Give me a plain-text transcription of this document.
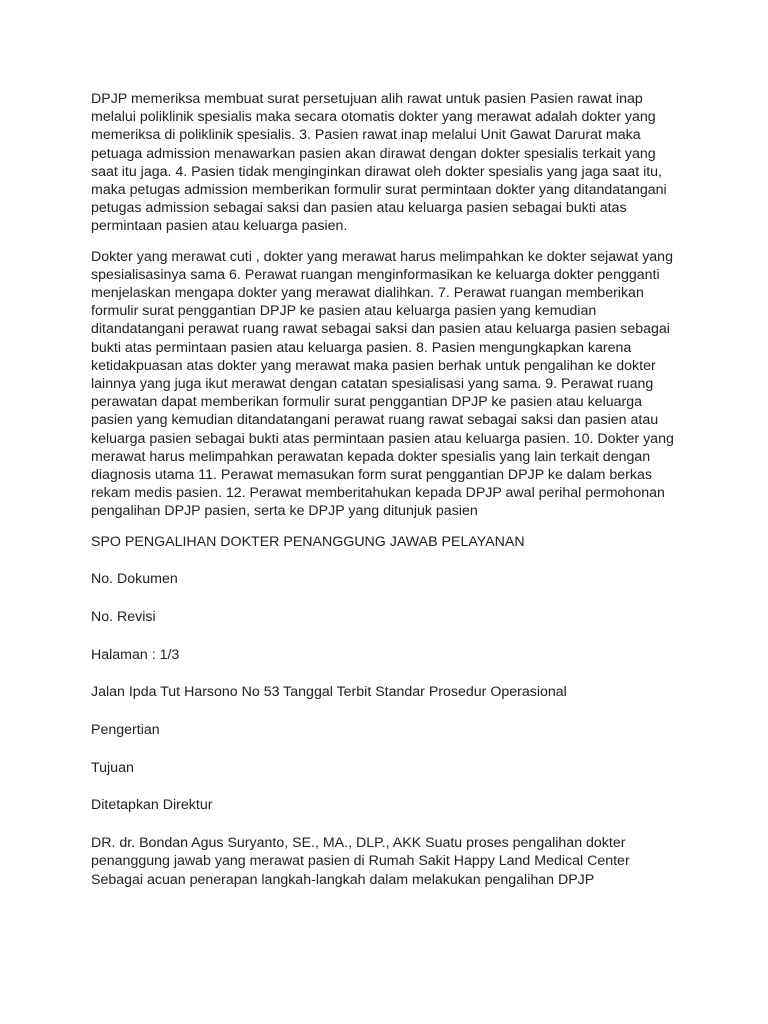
DPJP memeriksa membuat surat persetujuan alih rawat untuk pasien Pasien rawat inap melalui poliklinik spesialis maka secara otomatis dokter yang merawat adalah dokter yang memeriksa di poliklinik spesialis. 3. Pasien rawat inap melalui Unit Gawat Darurat maka petuaga admission menawarkan pasien akan dirawat dengan dokter spesialis terkait yang saat itu jaga. 4. Pasien tidak menginginkan dirawat oleh dokter spesialis yang jaga saat itu, maka petugas admission memberikan formulir surat permintaan dokter yang ditandatangani petugas admission sebagai saksi dan pasien atau keluarga pasien sebagai bukti atas permintaan pasien atau keluarga pasien.

Dokter yang merawat cuti , dokter yang merawat harus melimpahkan ke dokter sejawat yang spesialisasinya sama 6. Perawat ruangan menginformasikan ke keluarga dokter pengganti menjelaskan mengapa dokter yang merawat dialihkan. 7. Perawat ruangan memberikan formulir surat penggantian DPJP ke pasien atau keluarga pasien yang kemudian ditandatangani perawat ruang rawat sebagai saksi dan pasien atau keluarga pasien sebagai bukti atas permintaan pasien atau keluarga pasien. 8. Pasien mengungkapkan karena ketidakpuasan atas dokter yang merawat maka pasien berhak untuk pengalihan ke dokter lainnya yang juga ikut merawat dengan catatan spesialisasi yang sama. 9. Perawat ruang perawatan dapat memberikan formulir surat penggantian DPJP ke pasien atau keluarga pasien yang kemudian ditandatangani perawat ruang rawat sebagai saksi dan pasien atau keluarga pasien sebagai bukti atas permintaan pasien atau keluarga pasien. 10. Dokter yang merawat harus melimpahkan perawatan kepada dokter spesialis yang lain terkait dengan diagnosis utama 11. Perawat memasukan form surat penggantian DPJP ke dalam berkas rekam medis pasien. 12. Perawat memberitahukan kepada DPJP awal perihal permohonan pengalihan DPJP pasien, serta ke DPJP yang ditunjuk pasien

SPO PENGALIHAN DOKTER PENANGGUNG JAWAB PELAYANAN

No. Dokumen

No. Revisi

Halaman : 1/3

Jalan Ipda Tut Harsono No 53 Tanggal Terbit Standar Prosedur Operasional

Pengertian

Tujuan

Ditetapkan Direktur

DR. dr. Bondan Agus Suryanto, SE., MA., DLP., AKK Suatu proses pengalihan dokter penanggung jawab yang merawat pasien di Rumah Sakit Happy Land Medical Center Sebagai acuan penerapan langkah-langkah dalam melakukan pengalihan DPJP
